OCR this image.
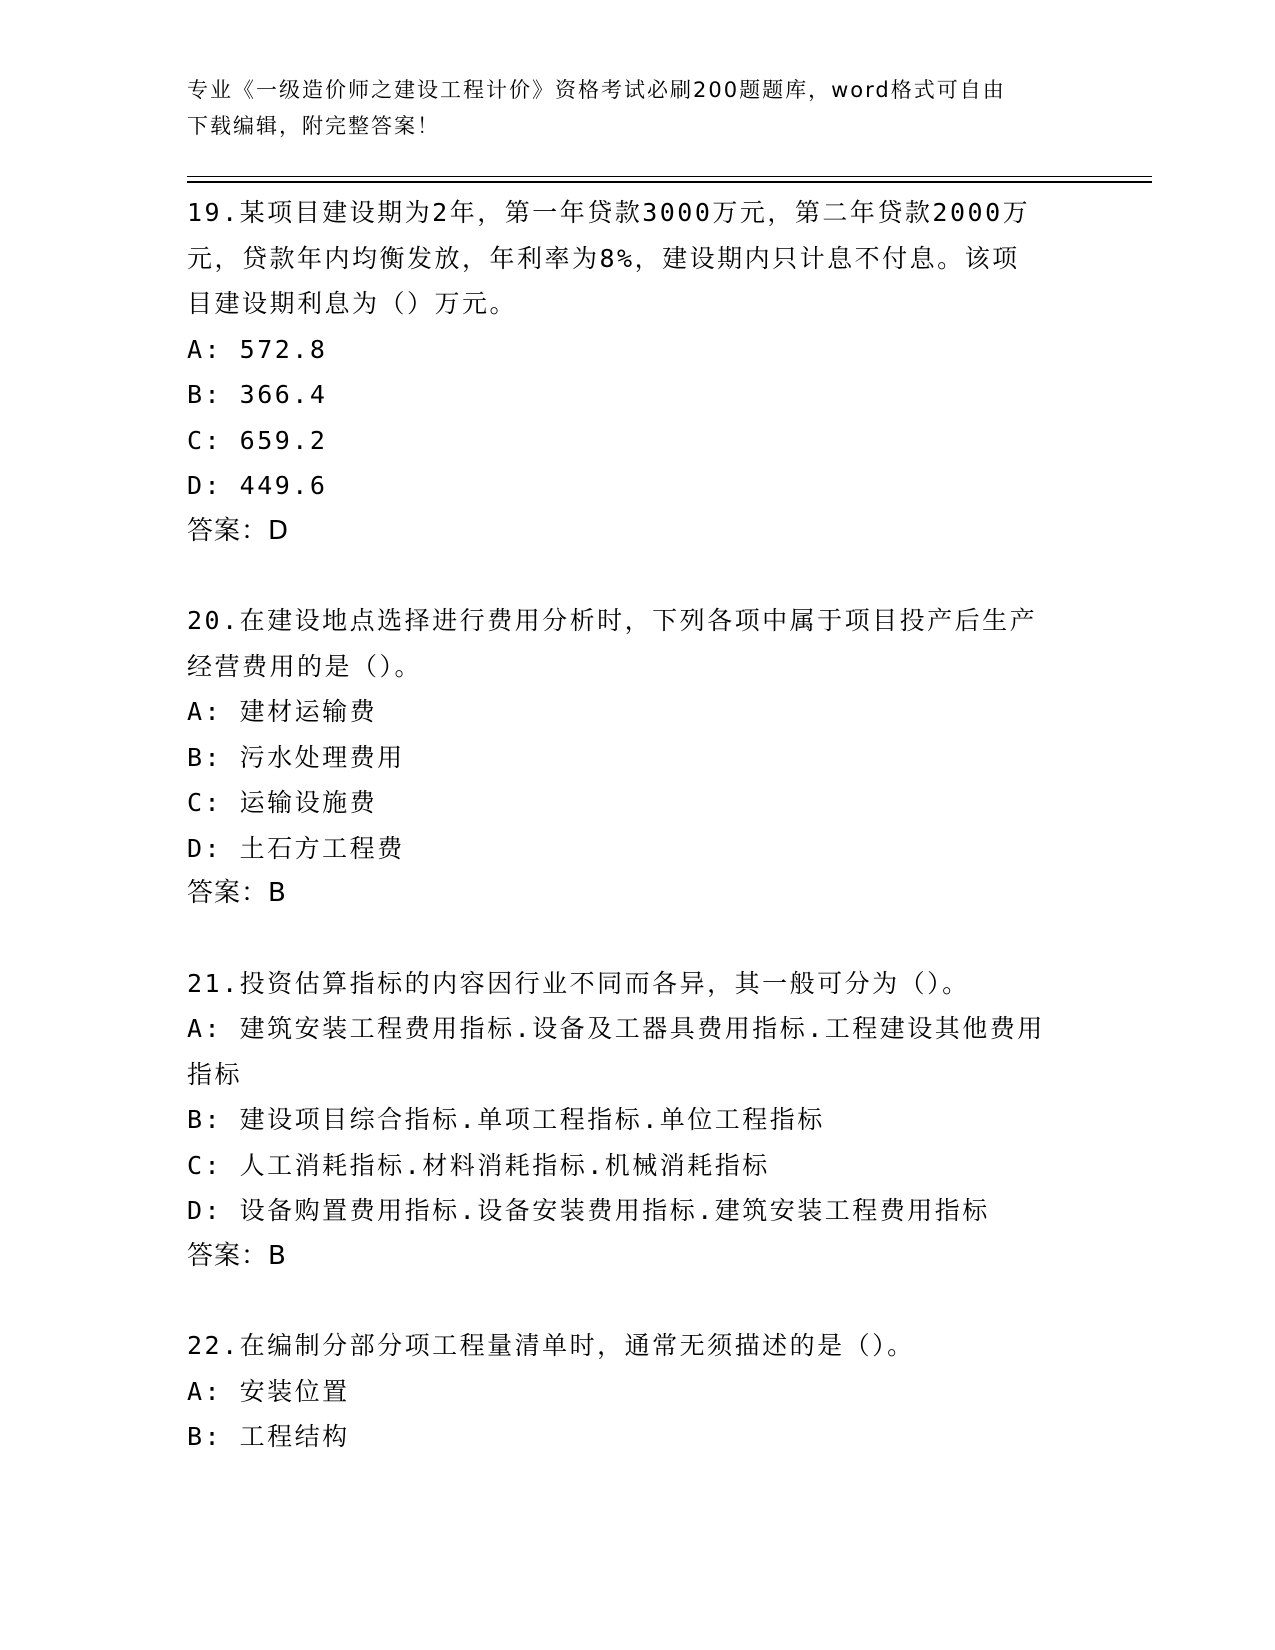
专业《一级造价师之建设工程计价》资格考试必刷200题题库，word格式可自由
下载编辑，附完整答案！
19.某项目建设期为2年，第一年贷款3000万元，第二年贷款2000万
元，贷款年内均衡发放，年利率为8%，建设期内只计息不付息。该项
目建设期利息为（）万元。
A: 572.8
B: 366.4
C: 659.2
D: 449.6
答案：D
20.在建设地点选择进行费用分析时，下列各项中属于项目投产后生产
经营费用的是（）。
A: 建材运输费
B: 污水处理费用
C: 运输设施费
D: 土石方工程费
答案：B
21.投资估算指标的内容因行业不同而各异，其一般可分为（）。
A: 建筑安装工程费用指标.设备及工器具费用指标.工程建设其他费用
指标
B: 建设项目综合指标.单项工程指标.单位工程指标
C: 人工消耗指标.材料消耗指标.机械消耗指标
D: 设备购置费用指标.设备安装费用指标.建筑安装工程费用指标
答案：B
22.在编制分部分项工程量清单时，通常无须描述的是（）。
A: 安装位置
B: 工程结构
